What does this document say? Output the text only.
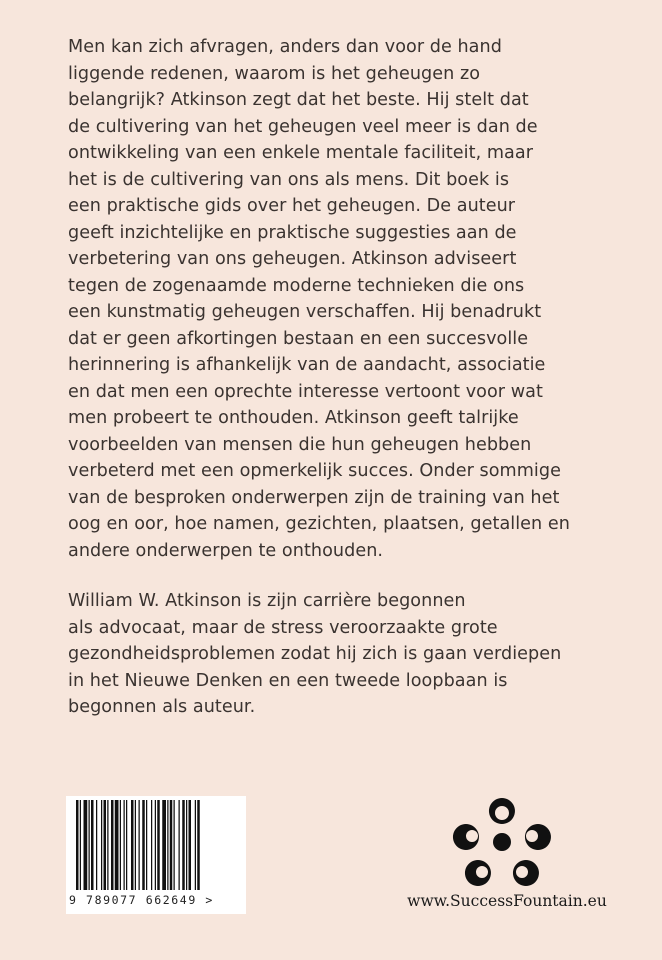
Men kan zich afvragen, anders dan voor de hand
liggende redenen, waarom is het geheugen zo
belangrijk? Atkinson zegt dat het beste. Hij stelt dat
de cultivering van het geheugen veel meer is dan de
ontwikkeling van een enkele mentale faciliteit, maar
het is de cultivering van ons als mens. Dit boek is
een praktische gids over het geheugen. De auteur
geeft inzichtelijke en praktische suggesties aan de
verbetering van ons geheugen. Atkinson adviseert
tegen de zogenaamde moderne technieken die ons
een kunstmatig geheugen verschaffen. Hij benadrukt
dat er geen afkortingen bestaan en een succesvolle
herinnering is afhankelijk van de aandacht, associatie
en dat men een oprechte interesse vertoont voor wat
men probeert te onthouden. Atkinson geeft talrijke
voorbeelden van mensen die hun geheugen hebben
verbeterd met een opmerkelijk succes. Onder sommige
van de besproken onderwerpen zijn de training van het
oog en oor, hoe namen, gezichten, plaatsen, getallen en
andere onderwerpen te onthouden.
William W. Atkinson is zijn carrière begonnen
als advocaat, maar de stress veroorzaakte grote
gezondheidsproblemen zodat hij zich is gaan verdiepen
in het Nieuwe Denken en een tweede loopbaan is
begonnen als auteur.
9 789077 662649 >	www.SuccessFountain.eu
